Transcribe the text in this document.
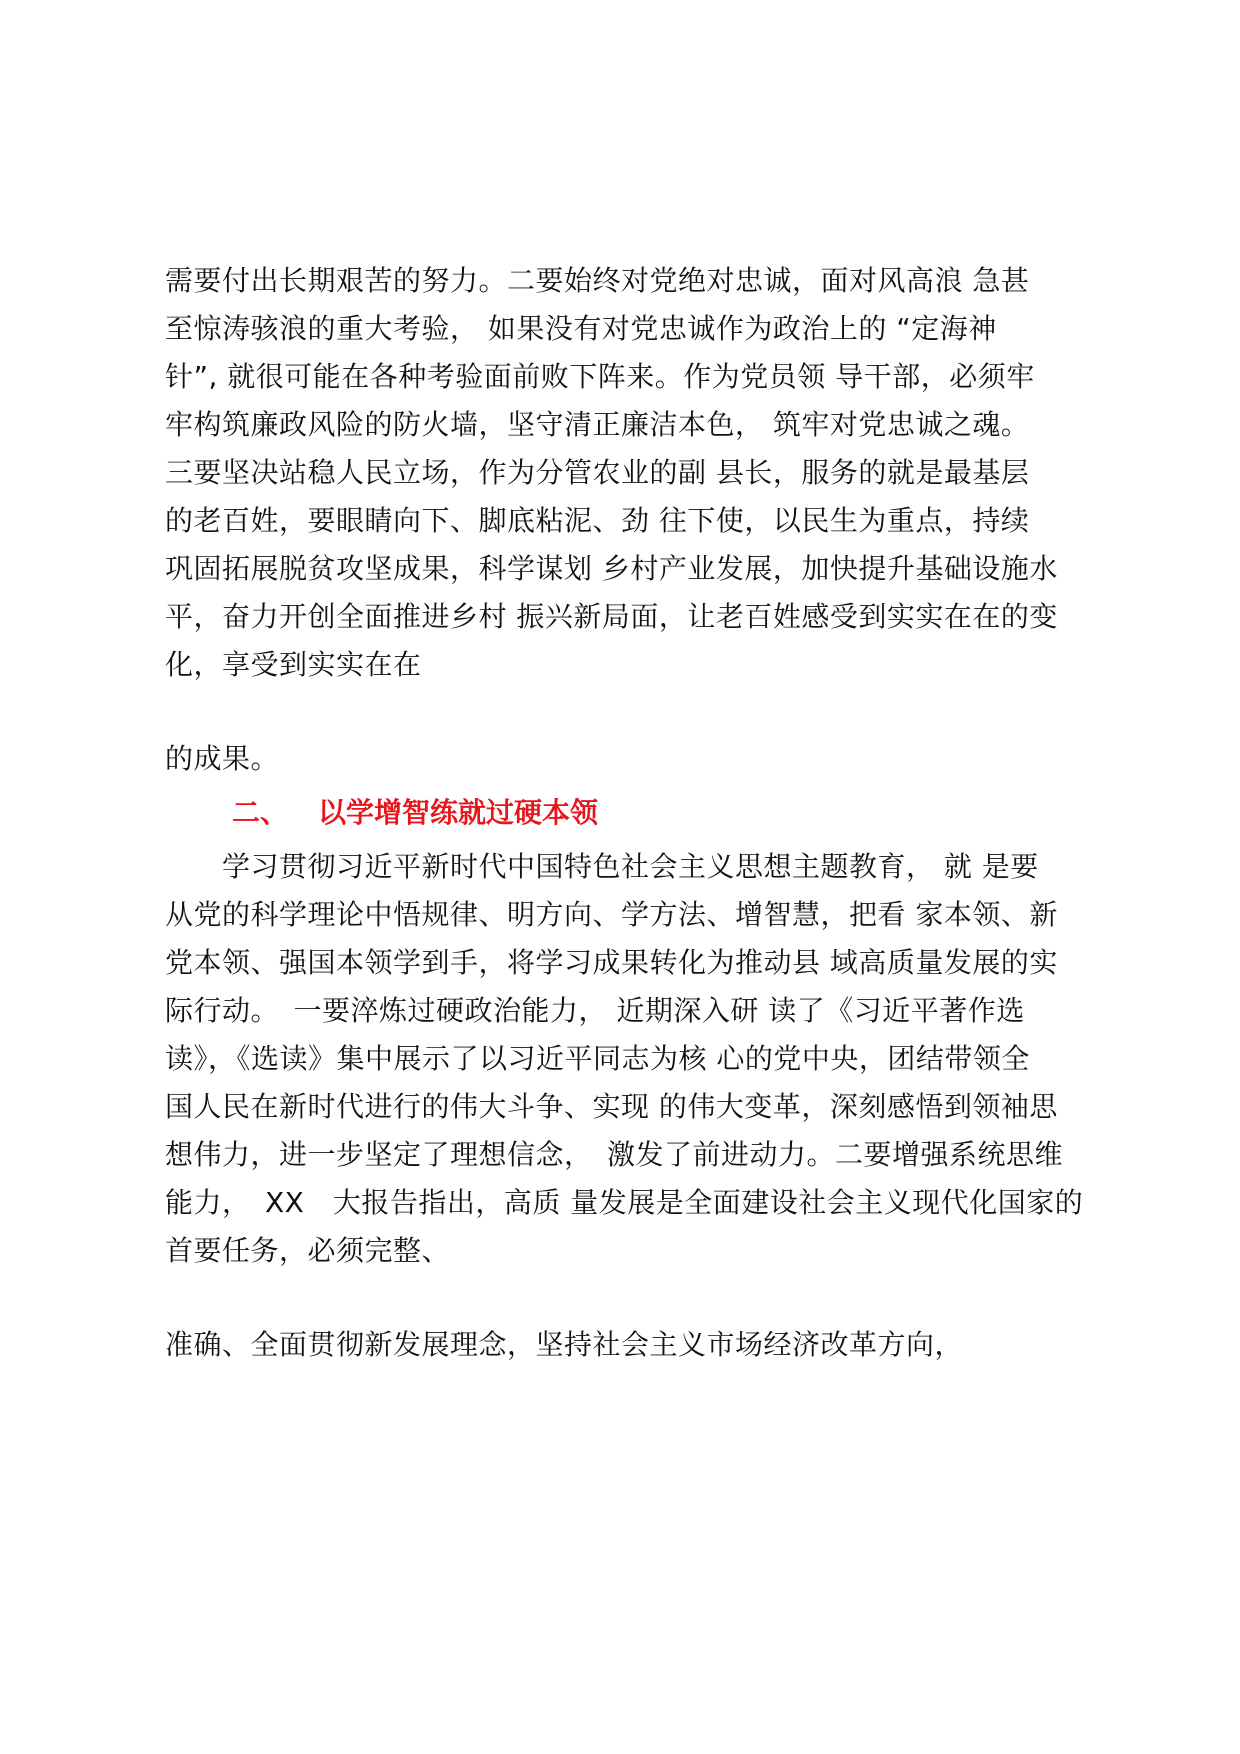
需要付出长期艰苦的努力。二要始终对党绝对忠诚，面对风高浪 急甚
至惊涛骇浪的重大考验， 如果没有对党忠诚作为政治上的 “定海神
针”, 就很可能在各种考验面前败下阵来。作为党员领 导干部，必须牢
牢构筑廉政风险的防火墙，坚守清正廉洁本色， 筑牢对党忠诚之魂。
三要坚决站稳人民立场，作为分管农业的副 县长，服务的就是最基层
的老百姓，要眼睛向下、脚底粘泥、劲 往下使，以民生为重点，持续
巩固拓展脱贫攻坚成果，科学谋划 乡村产业发展，加快提升基础设施水
平，奋力开创全面推进乡村 振兴新局面，让老百姓感受到实实在在的变
化，享受到实实在在
的成果。
二、 以学增智练就过硬本领
　　学习贯彻习近平新时代中国特色社会主义思想主题教育， 就 是要
从党的科学理论中悟规律、明方向、学方法、增智慧，把看 家本领、新
党本领、强国本领学到手，将学习成果转化为推动县 域高质量发展的实
际行动。　一要淬炼过硬政治能力， 近期深入研 读了《习近平著作选
读》，《选读》集中展示了以习近平同志为核 心的党中央，团结带领全
国人民在新时代进行的伟大斗争、实现 的伟大变革，深刻感悟到领袖思
想伟力，进一步坚定了理想信念，　激发了前进动力。二要增强系统思维
能力，　XX　大报告指出，高质 量发展是全面建设社会主义现代化国家的
首要任务，必须完整、
准确、全面贯彻新发展理念，坚持社会主义市场经济改革方向，
